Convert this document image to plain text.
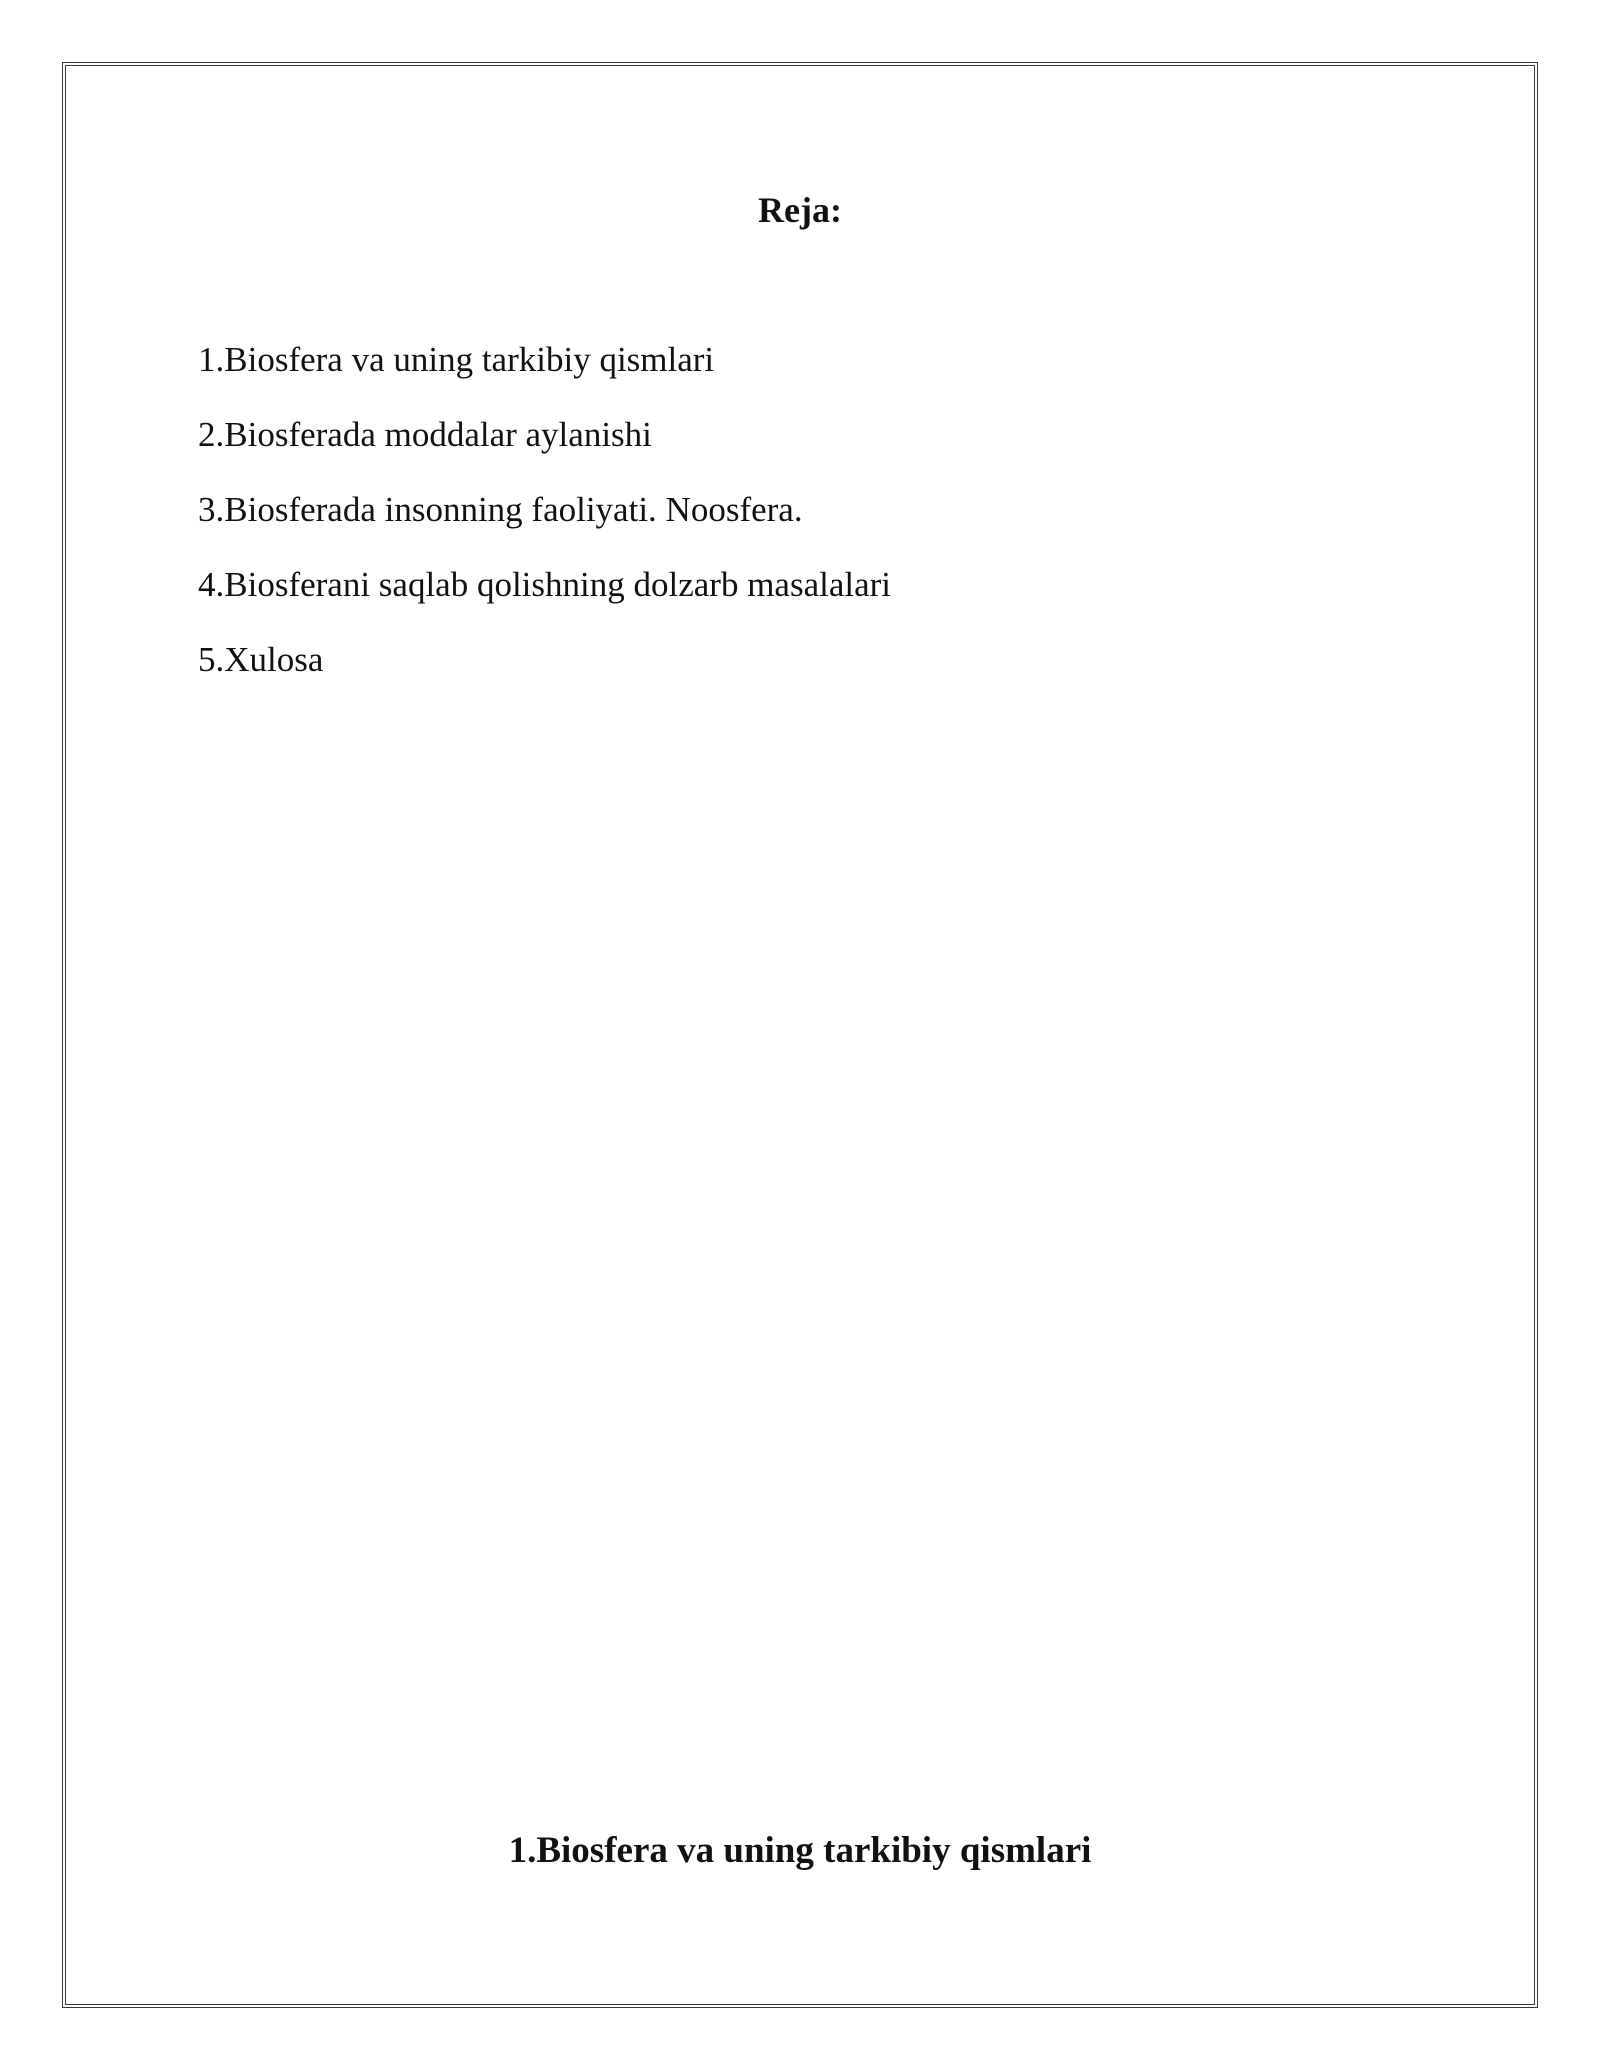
Reja:
1.Biosfera va uning tarkibiy qismlari
2.Biosferada moddalar aylanishi
3.Biosferada insonning faoliyati. Noosfera.
4.Biosferani saqlab qolishning dolzarb masalalari
5.Xulosa
1.Biosfera va uning tarkibiy qismlari
